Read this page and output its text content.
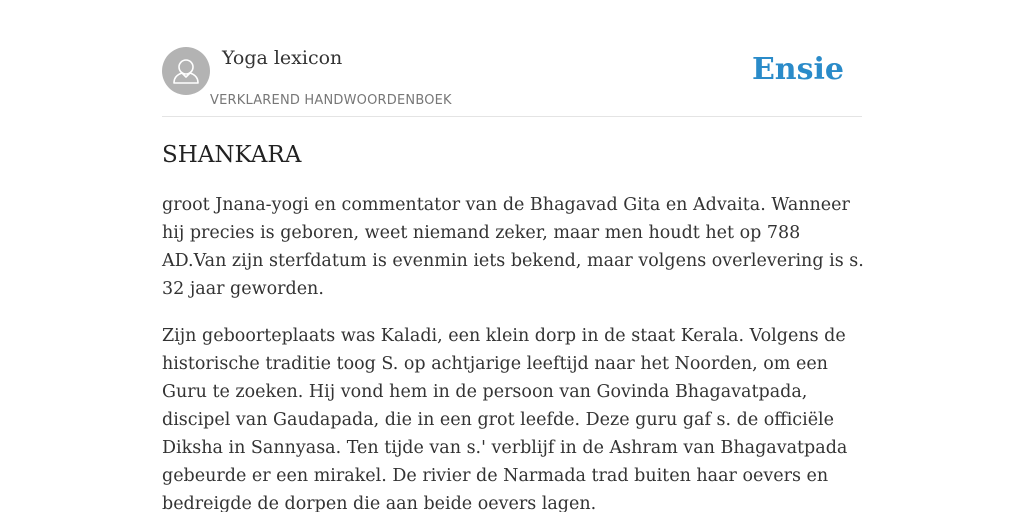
Yoga lexicon
VERKLAREND HANDWOORDENBOEK
Ensie
SHANKARA

groot Jnana-yogi en commentator van de Bhagavad Gita en Advaita. Wanneer hij precies is geboren, weet niemand zeker, maar men houdt het op 788 AD.Van zijn sterfdatum is evenmin iets bekend, maar volgens overlevering is s. 32 jaar geworden.

Zijn geboorteplaats was Kaladi, een klein dorp in de staat Kerala. Volgens de historische traditie toog S. op achtjarige leeftijd naar het Noorden, om een Guru te zoeken. Hij vond hem in de persoon van Govinda Bhagavatpada, discipel van Gaudapada, die in een grot leefde. Deze guru gaf s. de officiële Diksha in Sannyasa. Ten tijde van s.' verblijf in de Ashram van Bhagavatpada gebeurde er een mirakel. De rivier de Narmada trad buiten haar oevers en bedreigde de dorpen die aan beide oevers lagen.
